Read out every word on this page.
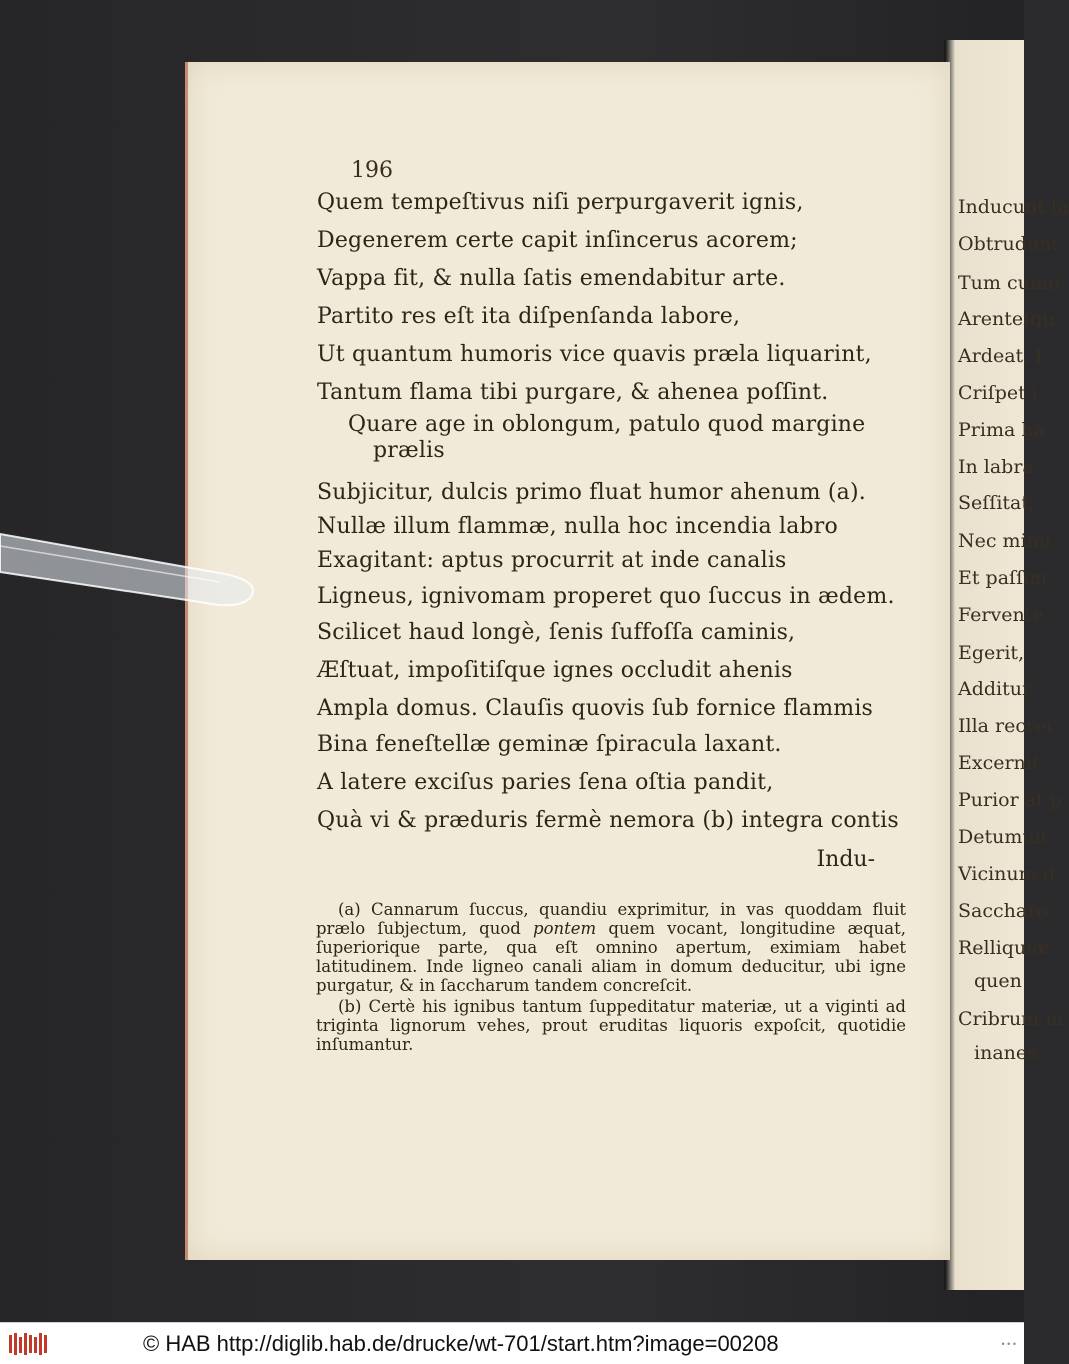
Inducunt fa
Obtrudunt
Tum cumu
Arenteſqu
Ardeat, ſ
Criſpet i
Prima ha
In labra
Seſſitat,
Nec minu
Et paſſim
Fervente
Egerit,
Additur
Illa recrei
Excernit:
Purior at p
Detumuit
Vicinum d
Saccharo
Relliquiæ
quen
Cribrum in
inanes
196
Quem tempeſtivus niſi perpurgaverit ignis,
Degenerem certe capit inſincerus acorem;
Vappa fit, & nulla ſatis emendabitur arte.
Partito res eſt ita diſpenſanda labore,
Ut quantum humoris vice quavis præla liquarint,
Tantum flama tibi purgare, & ahenea poſſint.
Quare age in oblongum, patulo quod margine
prælis
Subjicitur, dulcis primo fluat humor ahenum (a).
Nullæ illum flammæ, nulla hoc incendia labro
Exagitant: aptus procurrit at inde canalis
Ligneus, ignivomam properet quo ſuccus in ædem.
Scilicet haud longè, ſenis ſuffoſſa caminis,
Æſtuat, impoſitiſque ignes occludit ahenis
Ampla domus. Clauſis quovis ſub fornice flammis
Bina feneſtellæ geminæ ſpiracula laxant.
A latere exciſus paries ſena oſtia pandit,
Quà vi & præduris fermè nemora (b) integra contis
Indu-

(a) Cannarum ſuccus, quandiu exprimitur, in vas quoddam fluit prælo ſubjectum, quod pontem quem vocant, longitudine æquat, ſuperiorique parte, qua eſt omnino apertum, eximiam habet latitudinem. Inde ligneo canali aliam in domum deducitur, ubi igne purgatur, & in ſaccharum tandem concreſcit.

(b) Certè his ignibus tantum ſuppeditatur materiæ, ut a viginti ad triginta lignorum vehes, prout eruditas liquoris expoſcit, quotidie inſumantur.

© HAB http://diglib.hab.de/drucke/wt-701/start.htm?image=00208	• • •
